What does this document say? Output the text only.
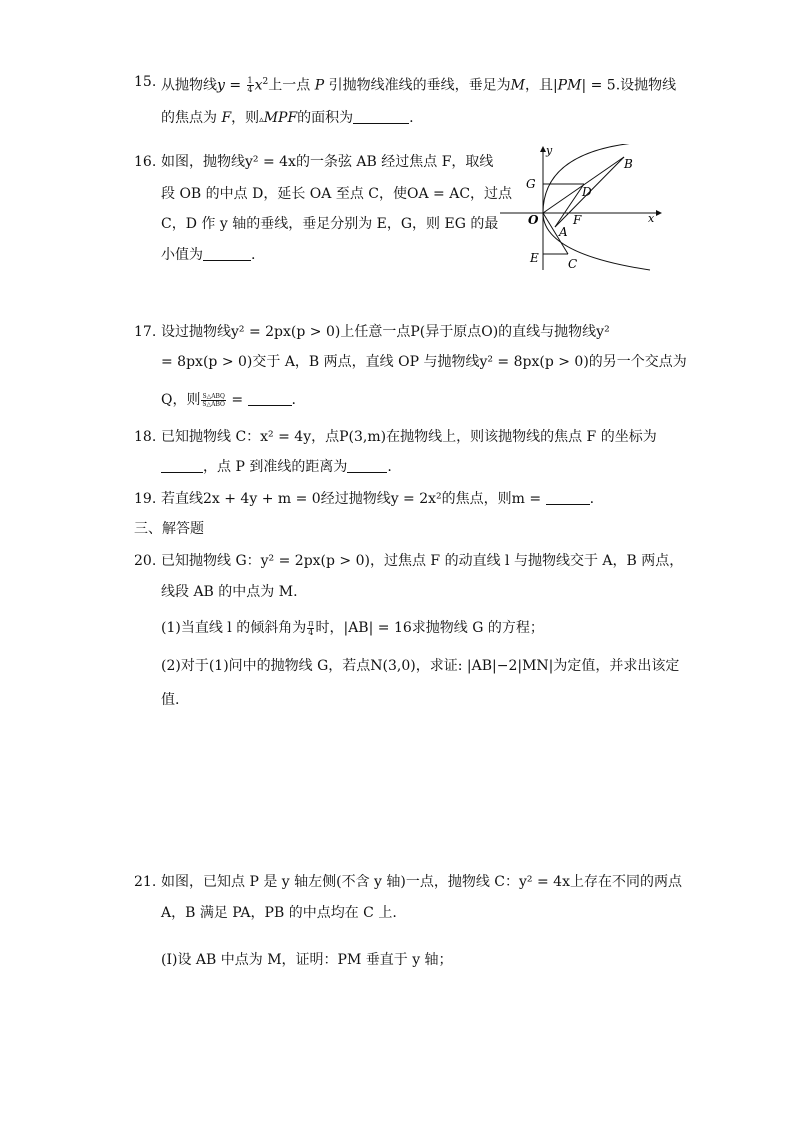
15. 从抛物线$y = \frac{1}{4} x^2$上一点 P 引抛物线准线的垂线，垂足为M，且|PM| = 5.设抛物线
的焦点为 F，则▵MPF的面积为	.
16. 如图，抛物线y² = 4x的一条弦 AB 经过焦点 F，取线
段 OB 的中点 D，延长 OA 至点 C，使OA = AC，过点
C，D 作 y 轴的垂线，垂足分别为 E，G，则 EG 的最
小值为	.
y
x
B
G
D
O	F
A
E C
17. 设过抛物线y² = 2px(p > 0)上任意一点P(异于原点O)的直线与抛物线y²
= 8px(p > 0)交于 A，B 两点，直线 OP 与抛物线y² = 8px(p > 0)的另一个交点为
Q，则 $\frac{\text{S△ABQ}}{\text{S△ABO}}$ =	.
18. 已知抛物线 C：x² = 4y，点P(3,m)在抛物线上，则该抛物线的焦点 F 的坐标为
，点 P 到准线的距离为	.
19. 若直线2x + 4y + m = 0经过抛物线y = 2x²的焦点，则m =	.
三、解答题
20. 已知抛物线 G：y² = 2px(p > 0)，过焦点 F 的动直线 l 与抛物线交于 A，B 两点，
线段 AB 的中点为 M.
(1)当直线 l 的倾斜角为 $\frac{\pi}{4}$ 时，|AB| = 16求抛物线 G 的方程；
(2)对于(1)问中的抛物线 G，若点N(3,0)，求证: |AB|−2|MN|为定值，并求出该定
值.
21. 如图，已知点 P 是 y 轴左侧(不含 y 轴)一点，抛物线 C：y² = 4x上存在不同的两点
A，B 满足 PA，PB 的中点均在 C 上.
(Ⅰ)设 AB 中点为 M，证明：PM 垂直于 y 轴；
